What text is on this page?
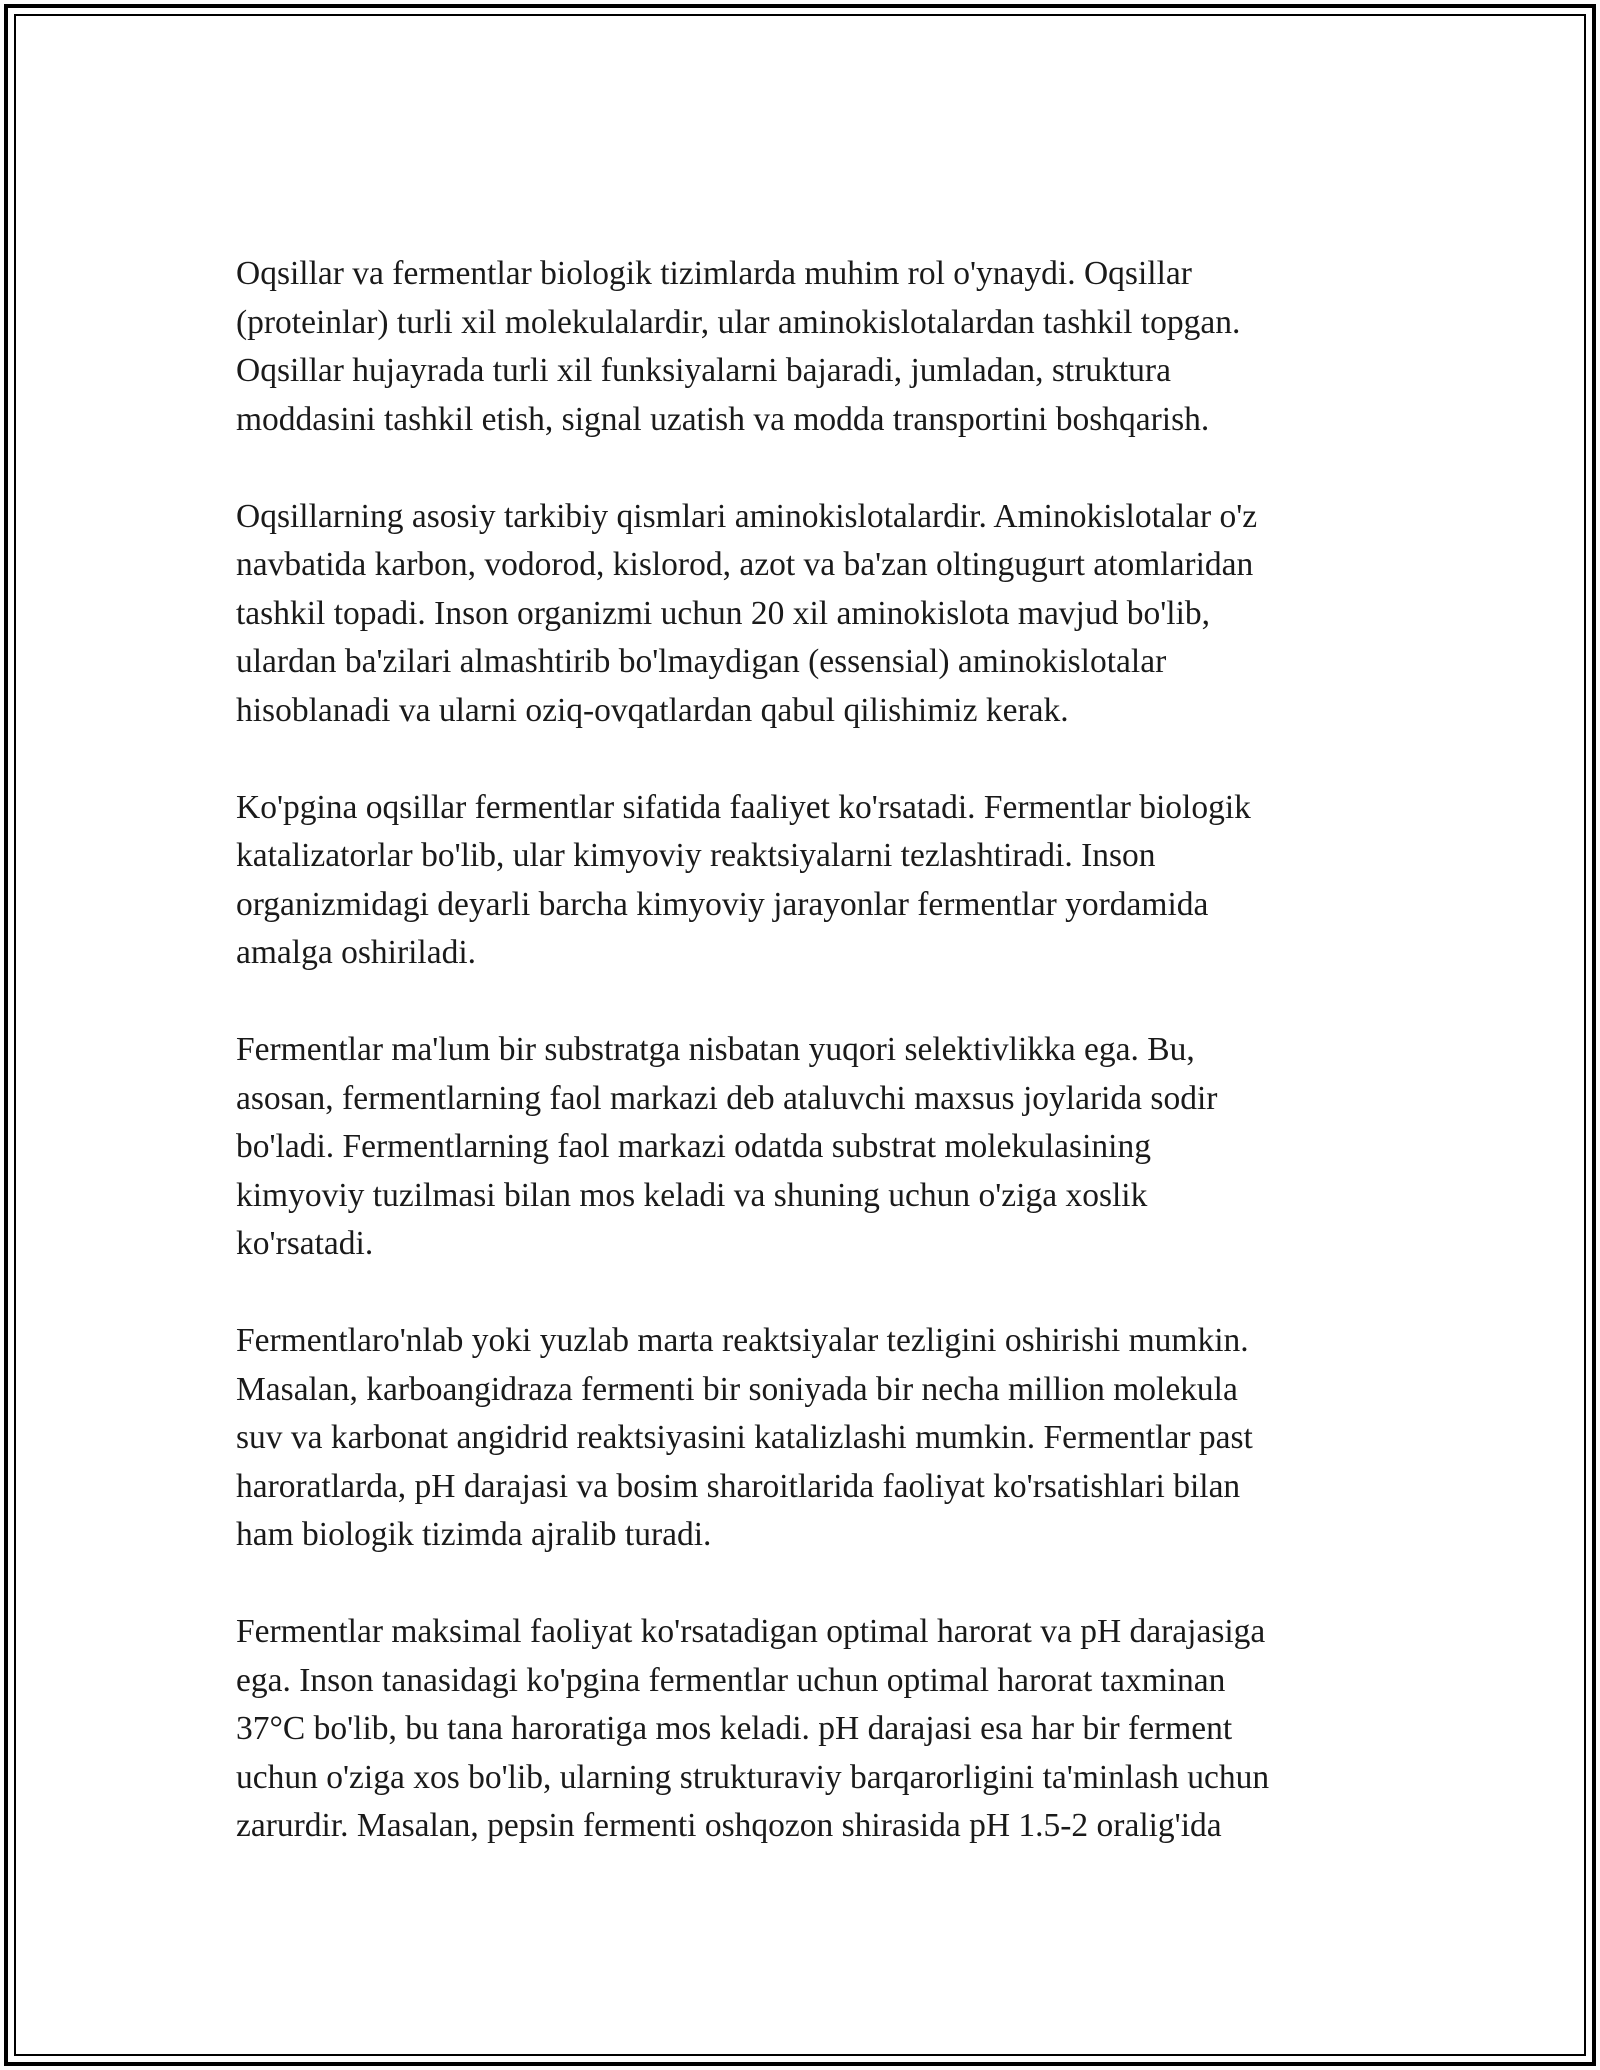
Oqsillar va fermentlar biologik tizimlarda muhim rol o'ynaydi. Oqsillar
(proteinlar) turli xil molekulalardir, ular aminokislotalardan tashkil topgan.
Oqsillar hujayrada turli xil funksiyalarni bajaradi, jumladan, struktura
moddasini tashkil etish, signal uzatish va modda transportini boshqarish.

Oqsillarning asosiy tarkibiy qismlari aminokislotalardir. Aminokislotalar o'z
navbatida karbon, vodorod, kislorod, azot va ba'zan oltingugurt atomlaridan
tashkil topadi. Inson organizmi uchun 20 xil aminokislota mavjud bo'lib,
ulardan ba'zilari almashtirib bo'lmaydigan (essensial) aminokislotalar
hisoblanadi va ularni oziq-ovqatlardan qabul qilishimiz kerak.

Ko'pgina oqsillar fermentlar sifatida faaliyet ko'rsatadi. Fermentlar biologik
katalizatorlar bo'lib, ular kimyoviy reaktsiyalarni tezlashtiradi. Inson
organizmidagi deyarli barcha kimyoviy jarayonlar fermentlar yordamida
amalga oshiriladi.

Fermentlar ma'lum bir substratga nisbatan yuqori selektivlikka ega. Bu,
asosan, fermentlarning faol markazi deb ataluvchi maxsus joylarida sodir
bo'ladi. Fermentlarning faol markazi odatda substrat molekulasining
kimyoviy tuzilmasi bilan mos keladi va shuning uchun o'ziga xoslik
ko'rsatadi.

Fermentlaro'nlab yoki yuzlab marta reaktsiyalar tezligini oshirishi mumkin.
Masalan, karboangidraza fermenti bir soniyada bir necha million molekula
suv va karbonat angidrid reaktsiyasini katalizlashi mumkin. Fermentlar past
haroratlarda, pH darajasi va bosim sharoitlarida faoliyat ko'rsatishlari bilan
ham biologik tizimda ajralib turadi.

Fermentlar maksimal faoliyat ko'rsatadigan optimal harorat va pH darajasiga
ega. Inson tanasidagi ko'pgina fermentlar uchun optimal harorat taxminan
37°C bo'lib, bu tana haroratiga mos keladi. pH darajasi esa har bir ferment
uchun o'ziga xos bo'lib, ularning strukturaviy barqarorligini ta'minlash uchun
zarurdir. Masalan, pepsin fermenti oshqozon shirasida pH 1.5-2 oralig'ida
